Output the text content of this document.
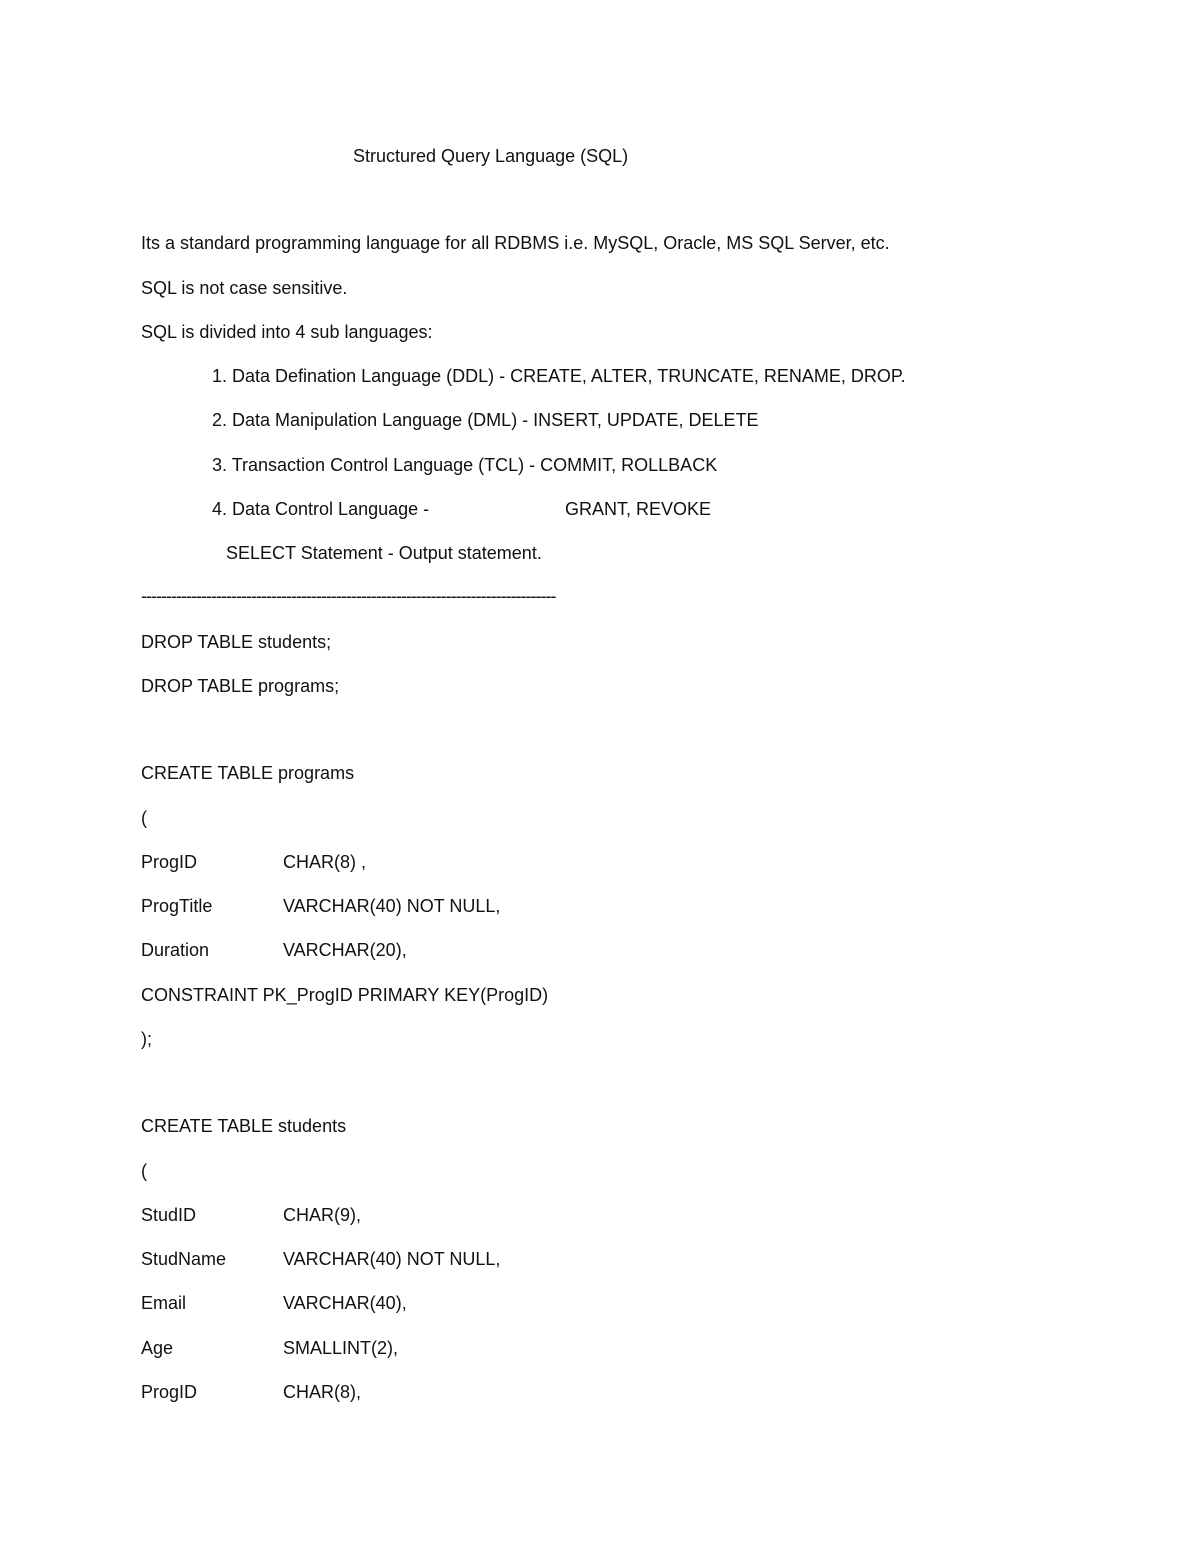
Structured Query Language (SQL)

Its a standard programming language for all RDBMS i.e. MySQL, Oracle, MS SQL Server, etc.

SQL is not case sensitive.

SQL is divided into 4 sub languages:

1. Data Defination Language (DDL) - CREATE, ALTER, TRUNCATE, RENAME, DROP.

2. Data Manipulation Language (DML) - INSERT, UPDATE, DELETE

3. Transaction Control Language (TCL) - COMMIT, ROLLBACK

4. Data Control Language -	GRANT, REVOKE

SELECT Statement - Output statement.

-----------------------------------------------------------------------------------

DROP TABLE students;

DROP TABLE programs;

CREATE TABLE programs

(

ProgID	CHAR(8) ,
ProgTitle	VARCHAR(40) NOT NULL,
Duration	VARCHAR(20),

CONSTRAINT PK_ProgID PRIMARY KEY(ProgID)

);

CREATE TABLE students

(

StudID	CHAR(9),
StudName	VARCHAR(40) NOT NULL,
Email	VARCHAR(40),
Age	SMALLINT(2),
ProgID	CHAR(8),
